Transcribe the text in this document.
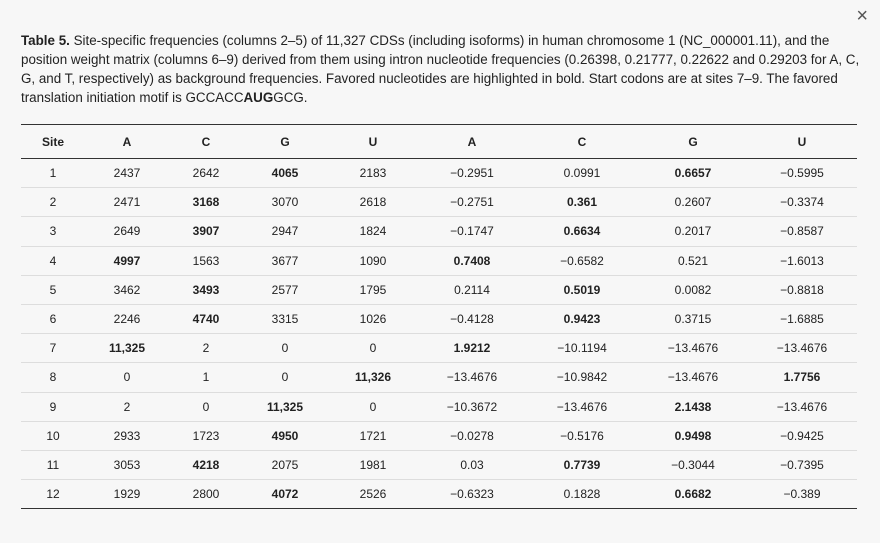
×
Table 5. Site-specific frequencies (columns 2–5) of 11,327 CDSs (including isoforms) in human chromosome 1 (NC_000001.11), and the position weight matrix (columns 6–9) derived from them using intron nucleotide frequencies (0.26398, 0.21777, 0.22622 and 0.29203 for A, C, G, and T, respectively) as background frequencies. Favored nucleotides are highlighted in bold. Start codons are at sites 7–9. The favored translation initiation motif is GCCACCAUGGCG.
Site	A	C	G	U	A	C	G	U
1	2437	2642	4065	2183	−0.2951	0.0991	0.6657	−0.5995
2	2471	3168	3070	2618	−0.2751	0.361	0.2607	−0.3374
3	2649	3907	2947	1824	−0.1747	0.6634	0.2017	−0.8587
4	4997	1563	3677	1090	0.7408	−0.6582	0.521	−1.6013
5	3462	3493	2577	1795	0.2114	0.5019	0.0082	−0.8818
6	2246	4740	3315	1026	−0.4128	0.9423	0.3715	−1.6885
7	11,325	2	0	0	1.9212	−10.1194	−13.4676	−13.4676
8	0	1	0	11,326	−13.4676	−10.9842	−13.4676	1.7756
9	2	0	11,325	0	−10.3672	−13.4676	2.1438	−13.4676
10	2933	1723	4950	1721	−0.0278	−0.5176	0.9498	−0.9425
11	3053	4218	2075	1981	0.03	0.7739	−0.3044	−0.7395
12	1929	2800	4072	2526	−0.6323	0.1828	0.6682	−0.389
